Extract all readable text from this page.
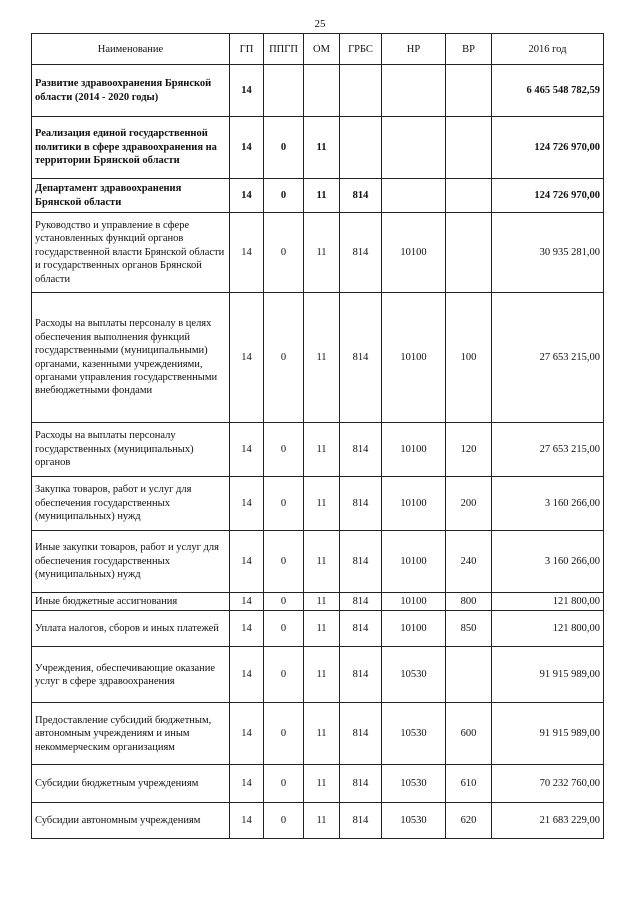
25
Наименование	ГП	ППГП	ОМ	ГРБС	НР	ВР	2016 год
Развитие здравоохранения Брянской области (2014 - 2020 годы)	14						6 465 548 782,59
Реализация единой государственной политики в сфере здравоохранения на территории Брянской области	14	0	11				124 726 970,00
Департамент здравоохранения Брянской области	14	0	11	814			124 726 970,00
Руководство и управление в сфере установленных функций органов государственной власти Брянской области и государственных органов Брянской области	14	0	11	814	10100		30 935 281,00
Расходы на выплаты персоналу в целях обеспечения выполнения функций государственными (муниципальными) органами, казенными учреждениями, органами управления государственными внебюджетными фондами	14	0	11	814	10100	100	27 653 215,00
Расходы на выплаты персоналу государственных (муниципальных) органов	14	0	11	814	10100	120	27 653 215,00
Закупка товаров, работ и услуг для обеспечения государственных (муниципальных) нужд	14	0	11	814	10100	200	3 160 266,00
Иные закупки товаров, работ и услуг для обеспечения государственных (муниципальных) нужд	14	0	11	814	10100	240	3 160 266,00
Иные бюджетные ассигнования	14	0	11	814	10100	800	121 800,00
Уплата налогов, сборов и иных платежей	14	0	11	814	10100	850	121 800,00
Учреждения, обеспечивающие оказание услуг в сфере здравоохранения	14	0	11	814	10530		91 915 989,00
Предоставление субсидий бюджетным, автономным учреждениям и иным некоммерческим организациям	14	0	11	814	10530	600	91 915 989,00
Субсидии бюджетным учреждениям	14	0	11	814	10530	610	70 232 760,00
Субсидии автономным учреждениям	14	0	11	814	10530	620	21 683 229,00
